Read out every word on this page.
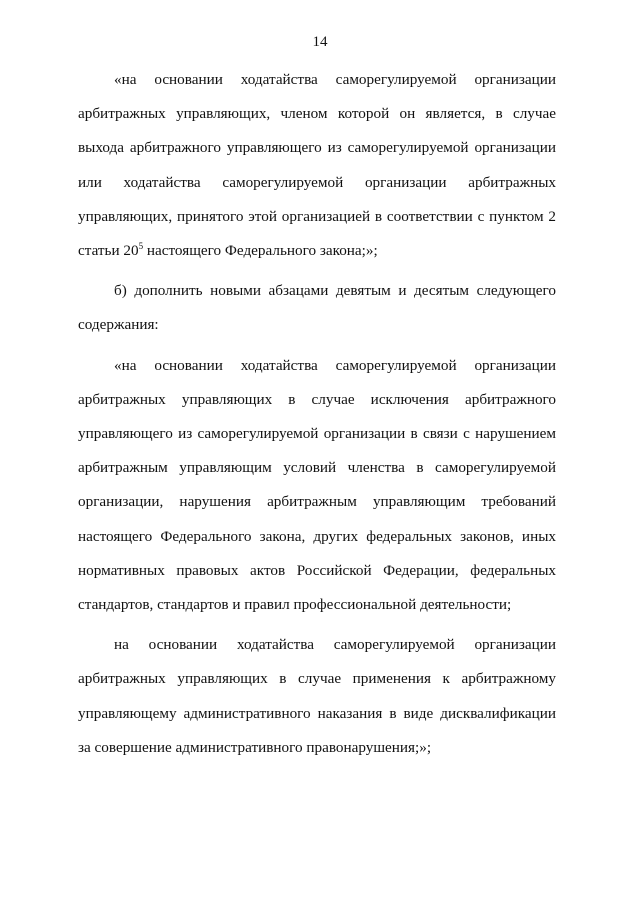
14

«на основании ходатайства саморегулируемой организации арбитражных управляющих, членом которой он является, в случае выхода арбитражного управляющего из саморегулируемой организации или ходатайства саморегулируемой организации арбитражных управляющих, принятого этой организацией в соответствии с пунктом 2 статьи $20^5$ настоящего Федерального закона;»;

б) дополнить новыми абзацами девятым и десятым следующего содержания:

«на основании ходатайства саморегулируемой организации арбитражных управляющих в случае исключения арбитражного управляющего из саморегулируемой организации в связи с нарушением арбитражным управляющим условий членства в саморегулируемой организации, нарушения арбитражным управляющим требований настоящего Федерального закона, других федеральных законов, иных нормативных правовых актов Российской Федерации, федеральных стандартов, стандартов и правил профессиональной деятельности;

на основании ходатайства саморегулируемой организации арбитражных управляющих в случае применения к арбитражному управляющему административного наказания в виде дисквалификации за совершение административного правонарушения;»;
